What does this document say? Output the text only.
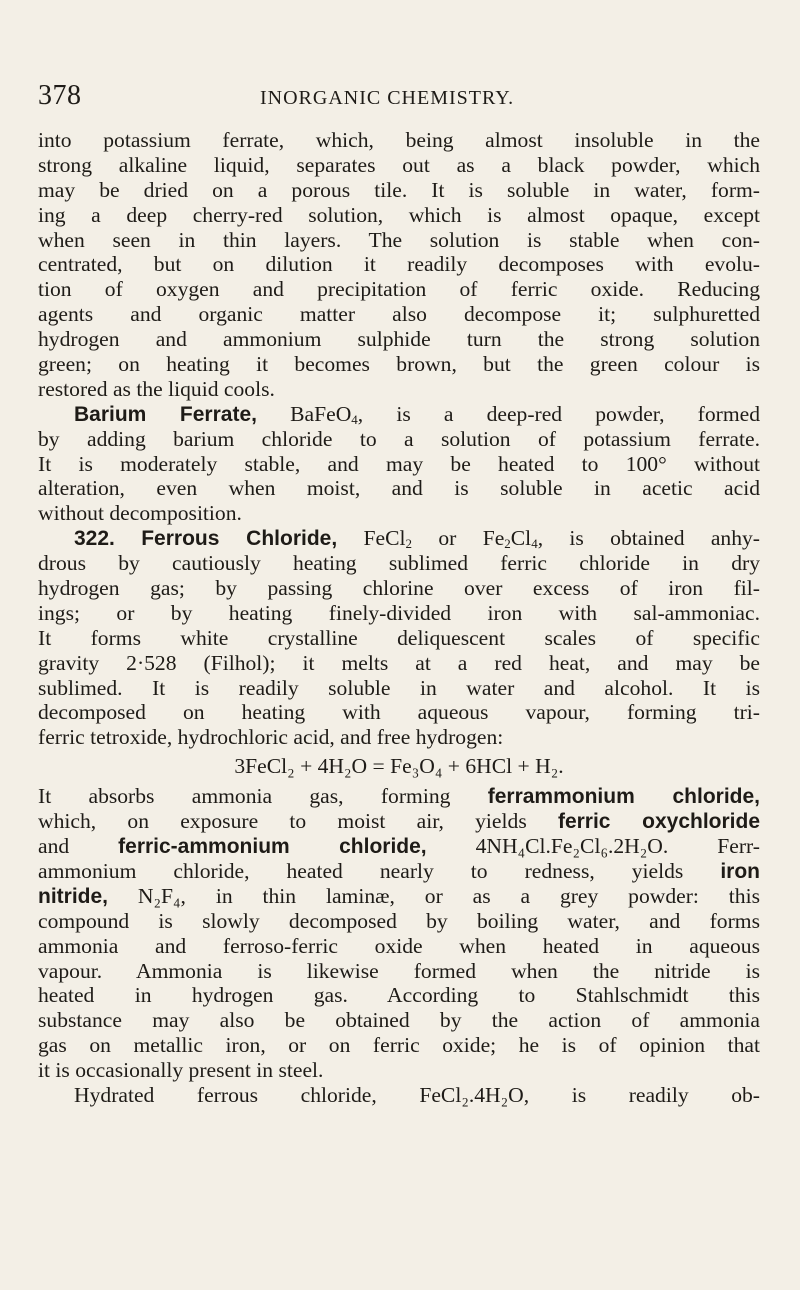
378	INORGANIC CHEMISTRY.
into potassium ferrate, which, being almost insoluble in the
strong alkaline liquid, separates out as a black powder, which
may be dried on a porous tile. It is soluble in water, form-
ing a deep cherry-red solution, which is almost opaque, except
when seen in thin layers. The solution is stable when con-
centrated, but on dilution it readily decomposes with evolu-
tion of oxygen and precipitation of ferric oxide. Reducing
agents and organic matter also decompose it; sulphuretted
hydrogen and ammonium sulphide turn the strong solution
green; on heating it becomes brown, but the green colour is
restored as the liquid cools.
Barium Ferrate, BaFeO$_4$, is a deep-red powder, formed
by adding barium chloride to a solution of potassium ferrate.
It is moderately stable, and may be heated to 100° without
alteration, even when moist, and is soluble in acetic acid
without decomposition.
322. Ferrous Chloride, FeCl$_2$ or $Fe_2Cl_4$, is obtained anhy-
drous by cautiously heating sublimed ferric chloride in dry
hydrogen gas; by passing chlorine over excess of iron fil-
ings; or by heating finely-divided iron with sal-ammoniac.
It forms white crystalline deliquescent scales of specific
gravity 2·528 (Filhol); it melts at a red heat, and may be
sublimed. It is readily soluble in water and alcohol. It is
decomposed on heating with aqueous vapour, forming tri-
ferric tetroxide, hydrochloric acid, and free hydrogen:
3FeCl₂ + 4H₂O = Fe₃O₄ + 6HCl + H₂.
It absorbs ammonia gas, forming ferrammonium chloride,
which, on exposure to moist air, yields ferric oxychloride
and ferric-ammonium chloride, 4NH₄Cl.Fe₂Cl₆.2H₂O. Ferr-
ammonium chloride, heated nearly to redness, yields iron
nitride, N₂F₄, in thin laminæ, or as a grey powder: this
compound is slowly decomposed by boiling water, and forms
ammonia and ferroso-ferric oxide when heated in aqueous
vapour. Ammonia is likewise formed when the nitride is
heated in hydrogen gas. According to Stahlschmidt this
substance may also be obtained by the action of ammonia
gas on metallic iron, or on ferric oxide; he is of opinion that
it is occasionally present in steel.
Hydrated ferrous chloride, FeCl₂.4H₂O, is readily ob-
